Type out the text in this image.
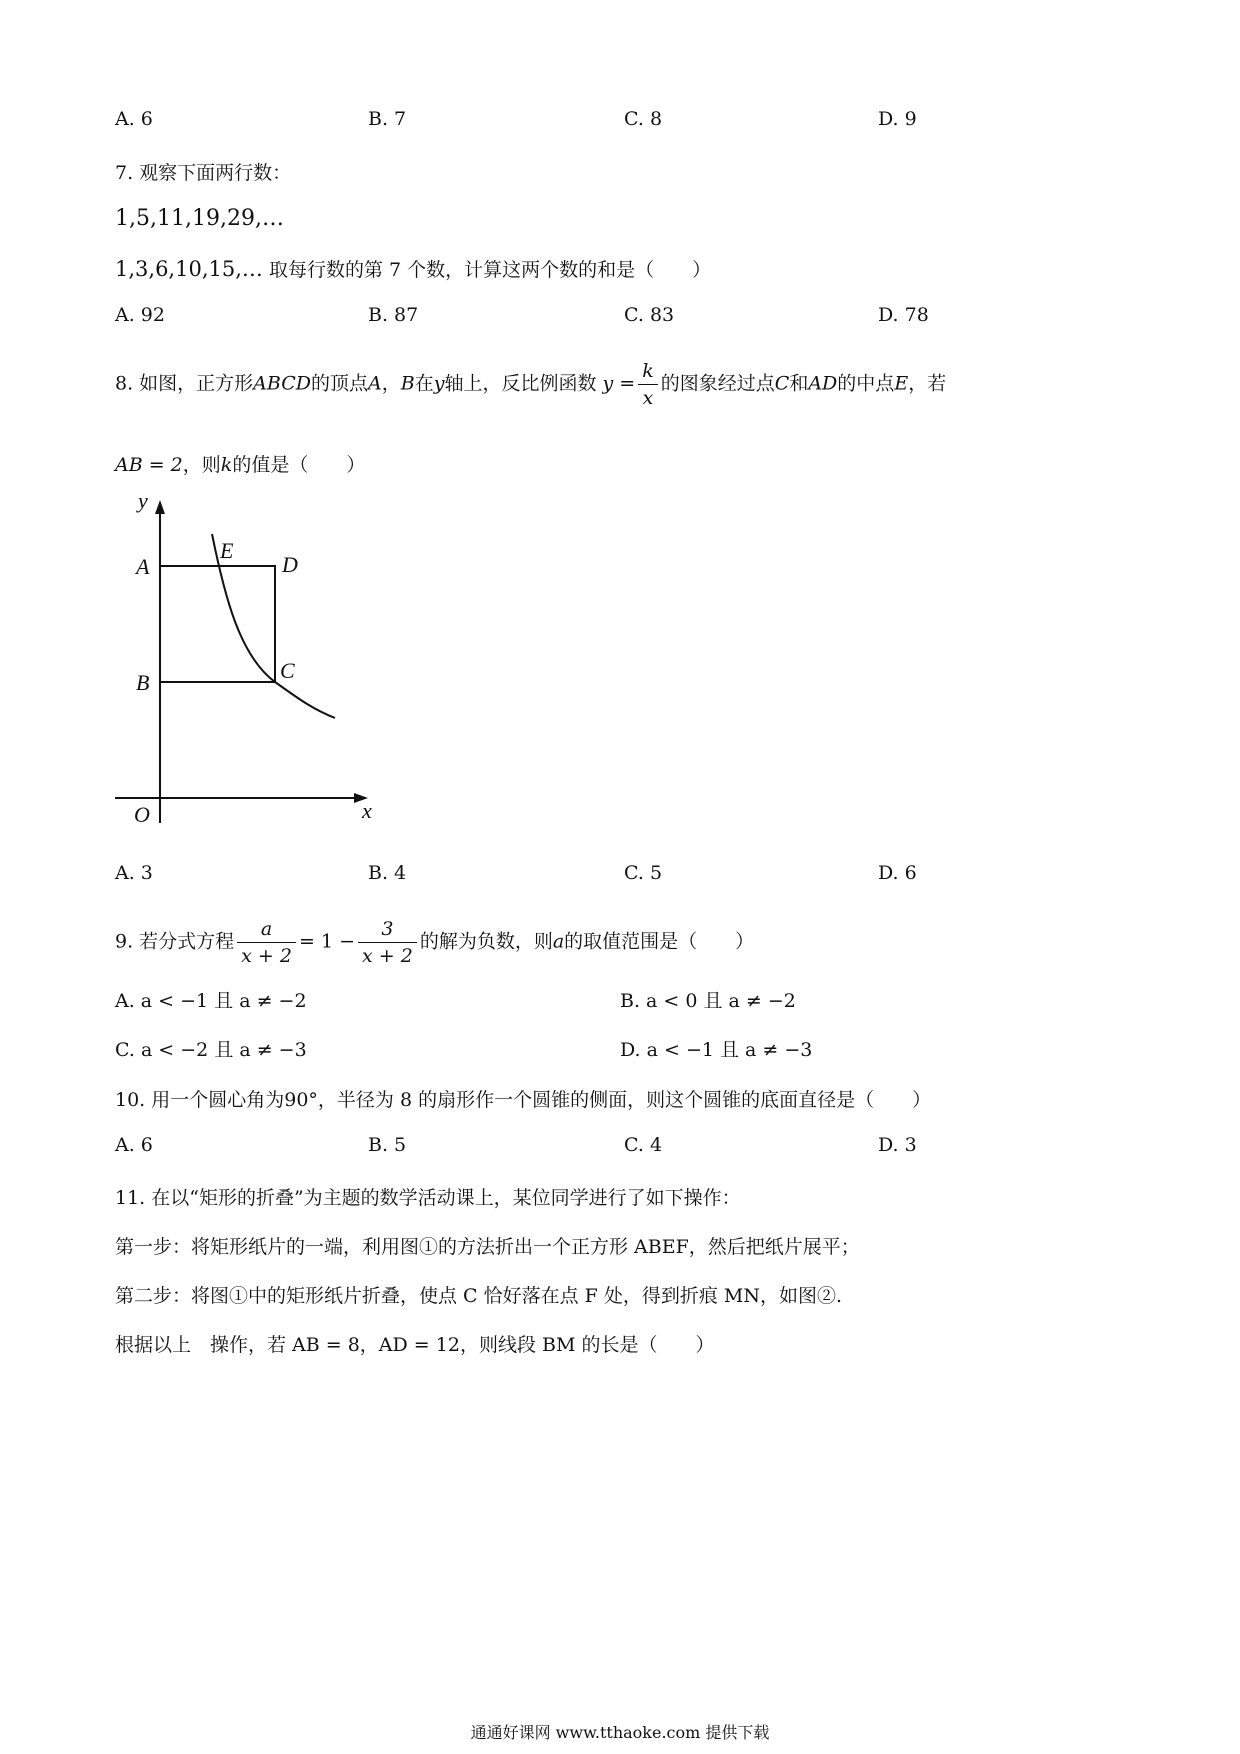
A. 6	B. 7	C. 8	D. 9
7. 观察下面两行数：
1,5,11,19,29,…
1,3,6,10,15,… 取每行数的第 7 个数，计算这两个数的和是（　　）
A. 92	B. 87	C. 83	D. 78
8. 如图，正方形ABCD的顶点A，B在y轴上，反比例函数 $y = \frac{k}{x}$ 的图象经过点C和AD的中点E，若
AB = 2，则k的值是（　　）
y
A
E
D
B	C
O	x
A. 3	B. 4	C. 5	D. 6
9. 若分式方程 $\frac{a}{x + 2} = 1 - \frac{3}{x + 2}$ 的解为负数，则a的取值范围是（　　）
A. a < −1 且 a ≠ −2	B. a < 0 且 a ≠ −2
C. a < −2 且 a ≠ −3	D. a < −1 且 a ≠ −3
10. 用一个圆心角为90°，半径为 8 的扇形作一个圆锥的侧面，则这个圆锥的底面直径是（　　）
A. 6	B. 5	C. 4	D. 3
11. 在以“矩形的折叠”为主题的数学活动课上，某位同学进行了如下操作：
第一步：将矩形纸片的一端，利用图①的方法折出一个正方形 ABEF，然后把纸片展平；
第二步：将图①中的矩形纸片折叠，使点 C 恰好落在点 F 处，得到折痕 MN，如图②.
根据以上　操作，若 AB = 8，AD = 12，则线段 BM 的长是（　　）
通通好课网 www.tthaoke.com 提供下载
